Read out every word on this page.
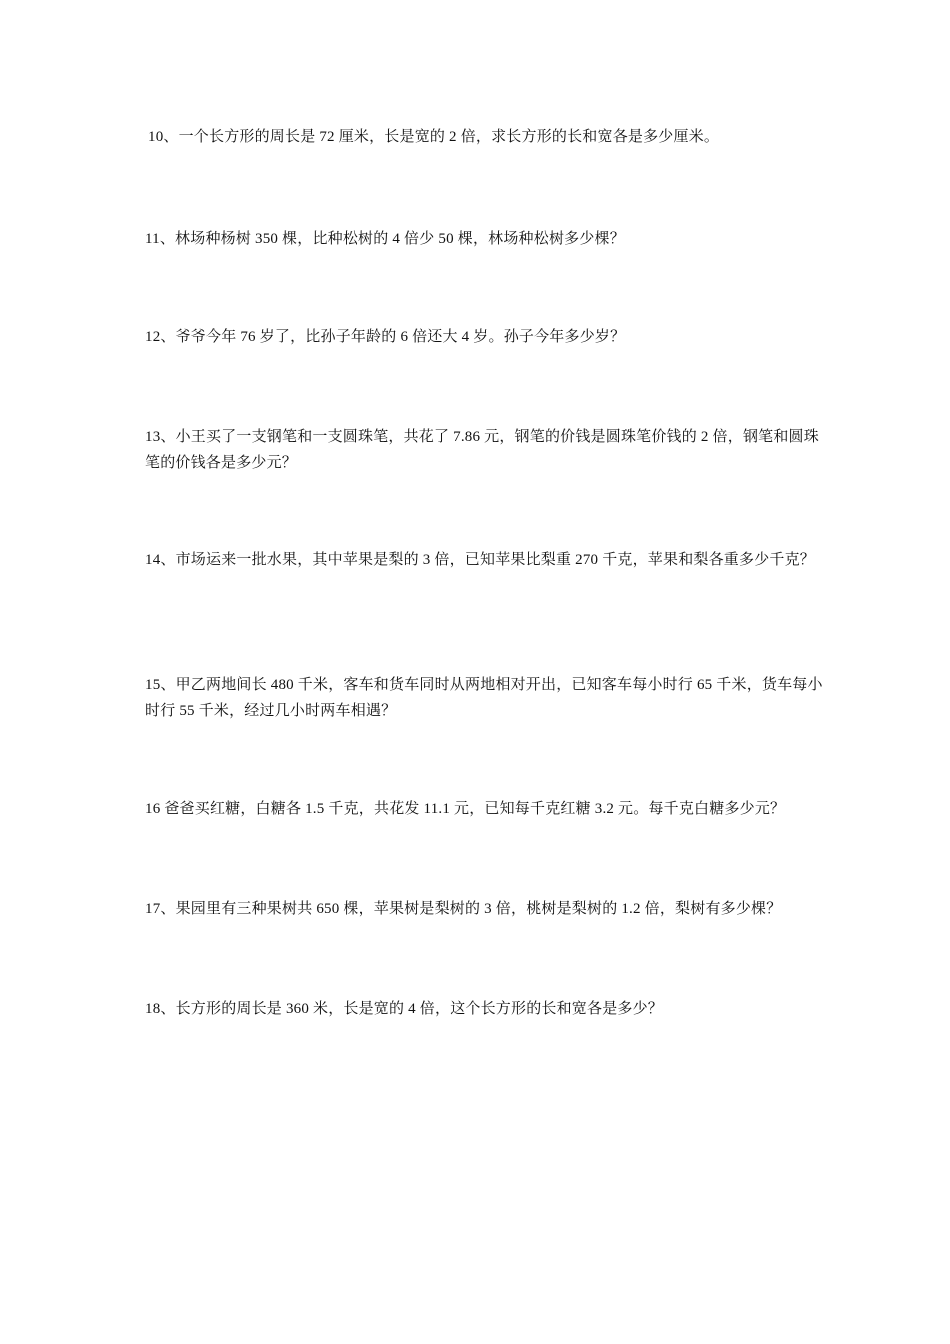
10、一个长方形的周长是 72 厘米，长是宽的 2 倍，求长方形的长和宽各是多少厘米。
11、林场种杨树 350 棵，比种松树的 4 倍少 50 棵，林场种松树多少棵？
12、爷爷今年 76 岁了，比孙子年龄的 6 倍还大 4 岁。孙子今年多少岁？
13、小王买了一支钢笔和一支圆珠笔，共花了 7.86 元，钢笔的价钱是圆珠笔价钱的 2 倍，钢笔和圆珠笔的价钱各是多少元？
14、市场运来一批水果，其中苹果是梨的 3 倍，已知苹果比梨重 270 千克，苹果和梨各重多少千克？
15、甲乙两地间长 480 千米，客车和货车同时从两地相对开出，已知客车每小时行 65 千米，货车每小时行 55 千米，经过几小时两车相遇？
16 爸爸买红糖，白糖各 1.5 千克，共花发 11.1 元，已知每千克红糖 3.2 元。每千克白糖多少元？
17、果园里有三种果树共 650 棵，苹果树是梨树的 3 倍，桃树是梨树的 1.2 倍，梨树有多少棵？
18、长方形的周长是 360 米，长是宽的 4 倍，这个长方形的长和宽各是多少？
